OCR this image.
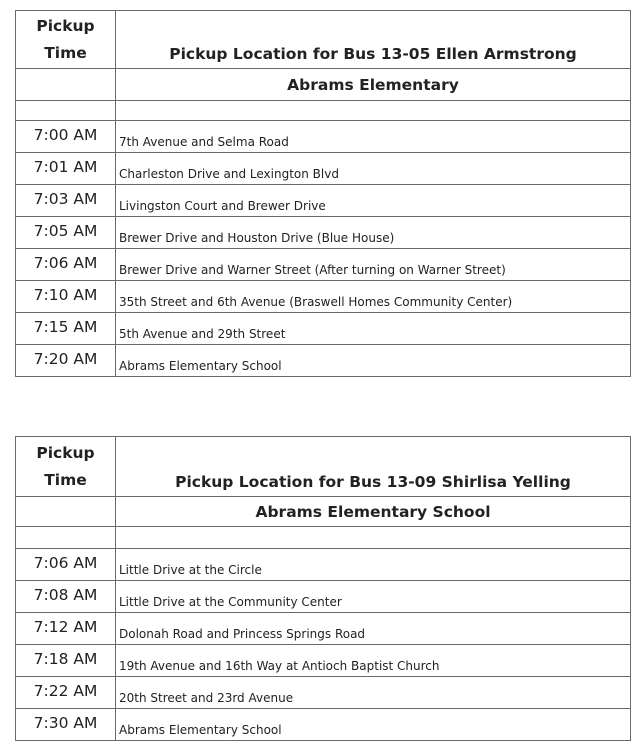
Pickup
Time	Pickup Location for Bus 13-05 Ellen Armstrong
	Abrams Elementary

7:00 AM	7th Avenue and Selma Road
7:01 AM	Charleston Drive and Lexington Blvd
7:03 AM	Livingston Court and Brewer Drive
7:05 AM	Brewer Drive and Houston Drive (Blue House)
7:06 AM	Brewer Drive and Warner Street (After turning on Warner Street)
7:10 AM	35th Street and 6th Avenue (Braswell Homes Community Center)
7:15 AM	5th Avenue and 29th Street
7:20 AM	Abrams Elementary School
Pickup
Time	Pickup Location for Bus 13-09 Shirlisa Yelling
	Abrams Elementary School

7:06 AM	Little Drive at the Circle
7:08 AM	Little Drive at the Community Center
7:12 AM	Dolonah Road and Princess Springs Road
7:18 AM	19th Avenue and 16th Way at Antioch Baptist Church
7:22 AM	20th Street and 23rd Avenue
7:30 AM	Abrams Elementary School
